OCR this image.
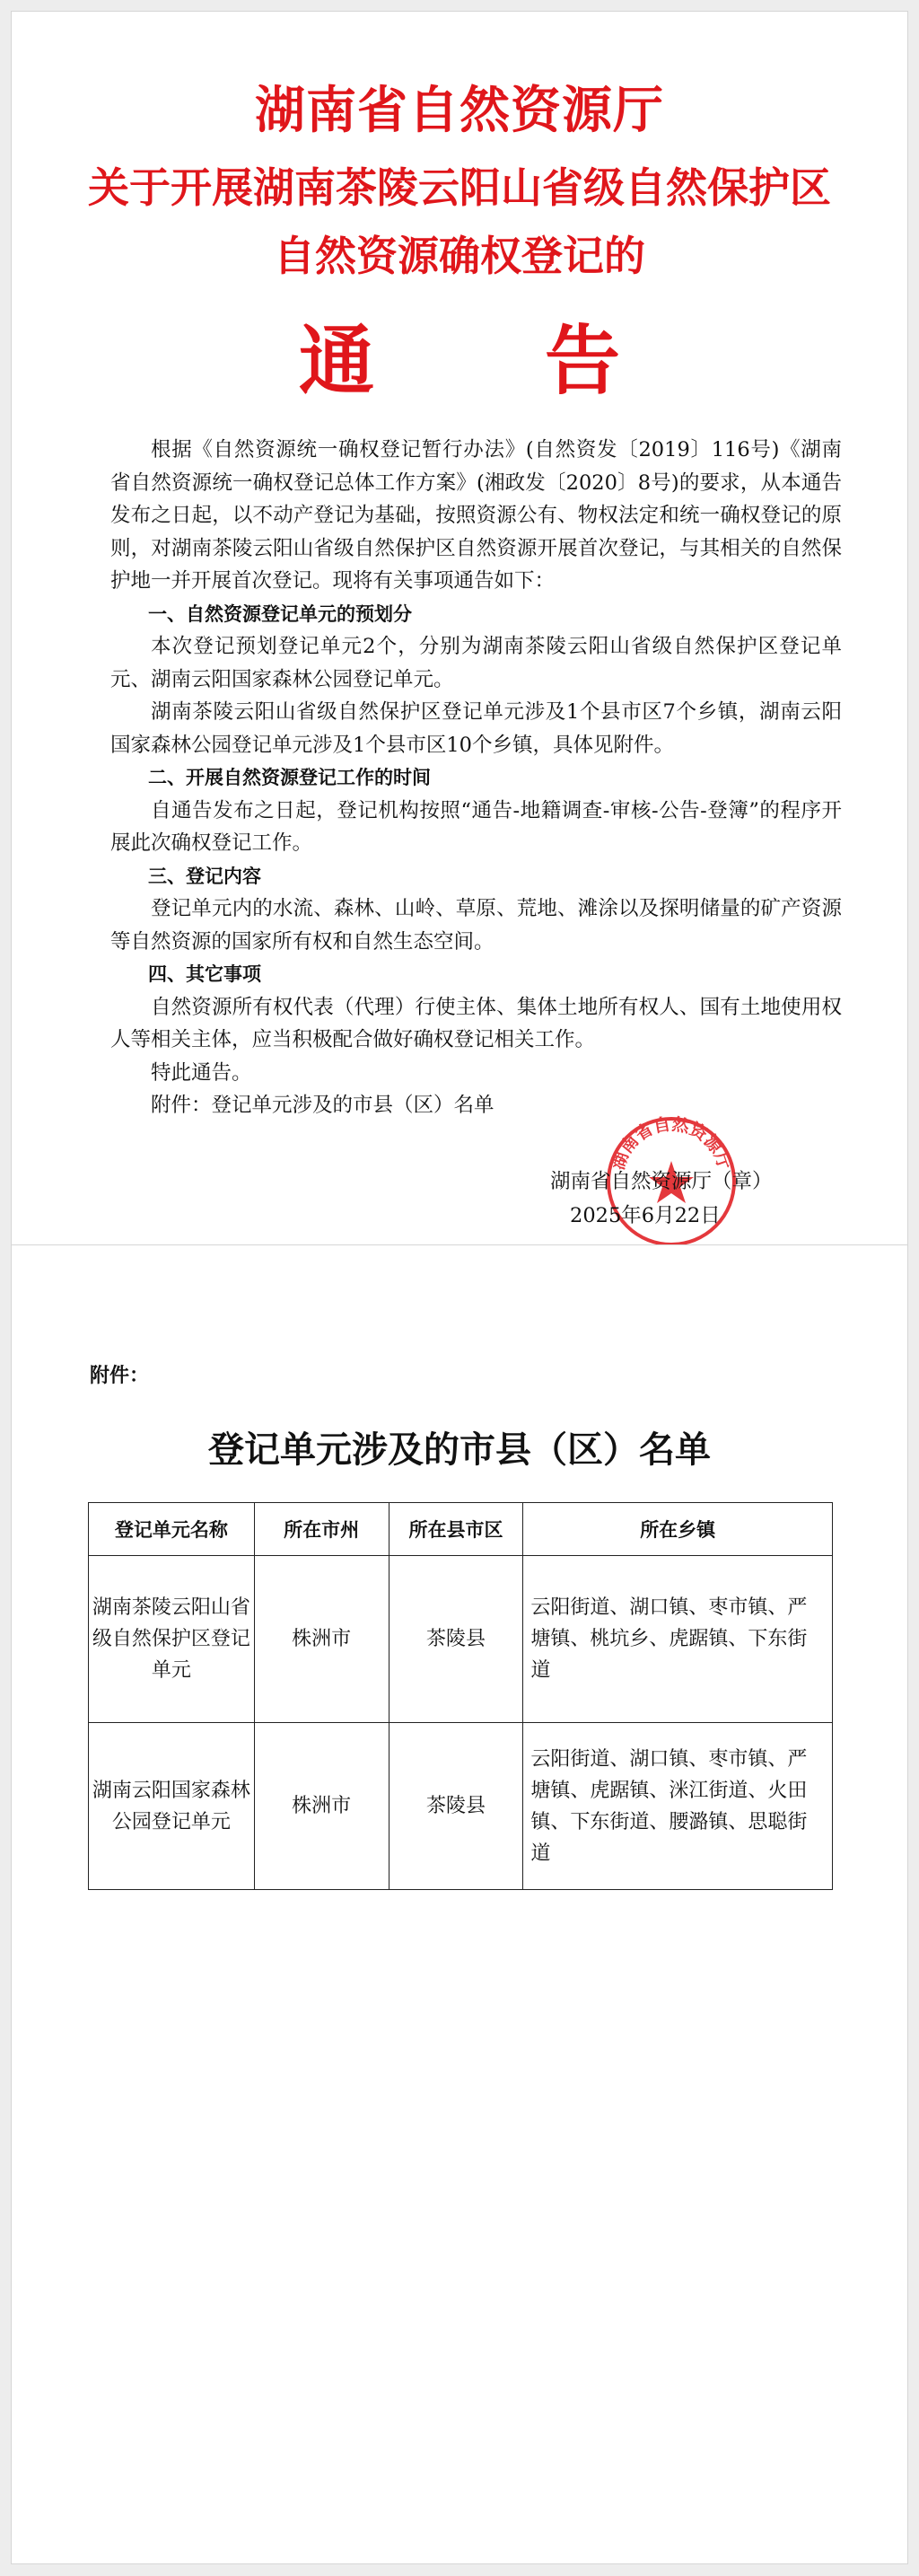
湖南省自然资源厅
关于开展湖南茶陵云阳山省级自然保护区
自然资源确权登记的
通 告

根据《自然资源统一确权登记暂行办法》(自然资发〔2019〕116号)《湖南省自然资源统一确权登记总体工作方案》(湘政发〔2020〕8号)的要求，从本通告发布之日起，以不动产登记为基础，按照资源公有、物权法定和统一确权登记的原则，对湖南茶陵云阳山省级自然保护区自然资源开展首次登记，与其相关的自然保护地一并开展首次登记。现将有关事项通告如下：

一、自然资源登记单元的预划分

本次登记预划登记单元2个，分别为湖南茶陵云阳山省级自然保护区登记单元、湖南云阳国家森林公园登记单元。

湖南茶陵云阳山省级自然保护区登记单元涉及1个县市区7个乡镇，湖南云阳国家森林公园登记单元涉及1个县市区10个乡镇，具体见附件。

二、开展自然资源登记工作的时间

自通告发布之日起，登记机构按照“通告-地籍调查-审核-公告-登簿”的程序开展此次确权登记工作。

三、登记内容

登记单元内的水流、森林、山岭、草原、荒地、滩涂以及探明储量的矿产资源等自然资源的国家所有权和自然生态空间。

四、其它事项

自然资源所有权代表（代理）行使主体、集体土地所有权人、国有土地使用权人等相关主体，应当积极配合做好确权登记相关工作。

特此通告。

附件：登记单元涉及的市县（区）名单

湖南省自然资源厅
湖南省自然资源厅（章）
2025年6月22日
附件：
登记单元涉及的市县（区）名单
登记单元名称	所在市州	所在县市区	所在乡镇
湖南茶陵云阳山省级自然保护区登记单元	株洲市	茶陵县	云阳街道、湖口镇、枣市镇、严塘镇、桃坑乡、虎踞镇、下东街道
湖南云阳国家森林公园登记单元	株洲市	茶陵县	云阳街道、湖口镇、枣市镇、严塘镇、虎踞镇、洣江街道、火田镇、下东街道、腰潞镇、思聪街道
